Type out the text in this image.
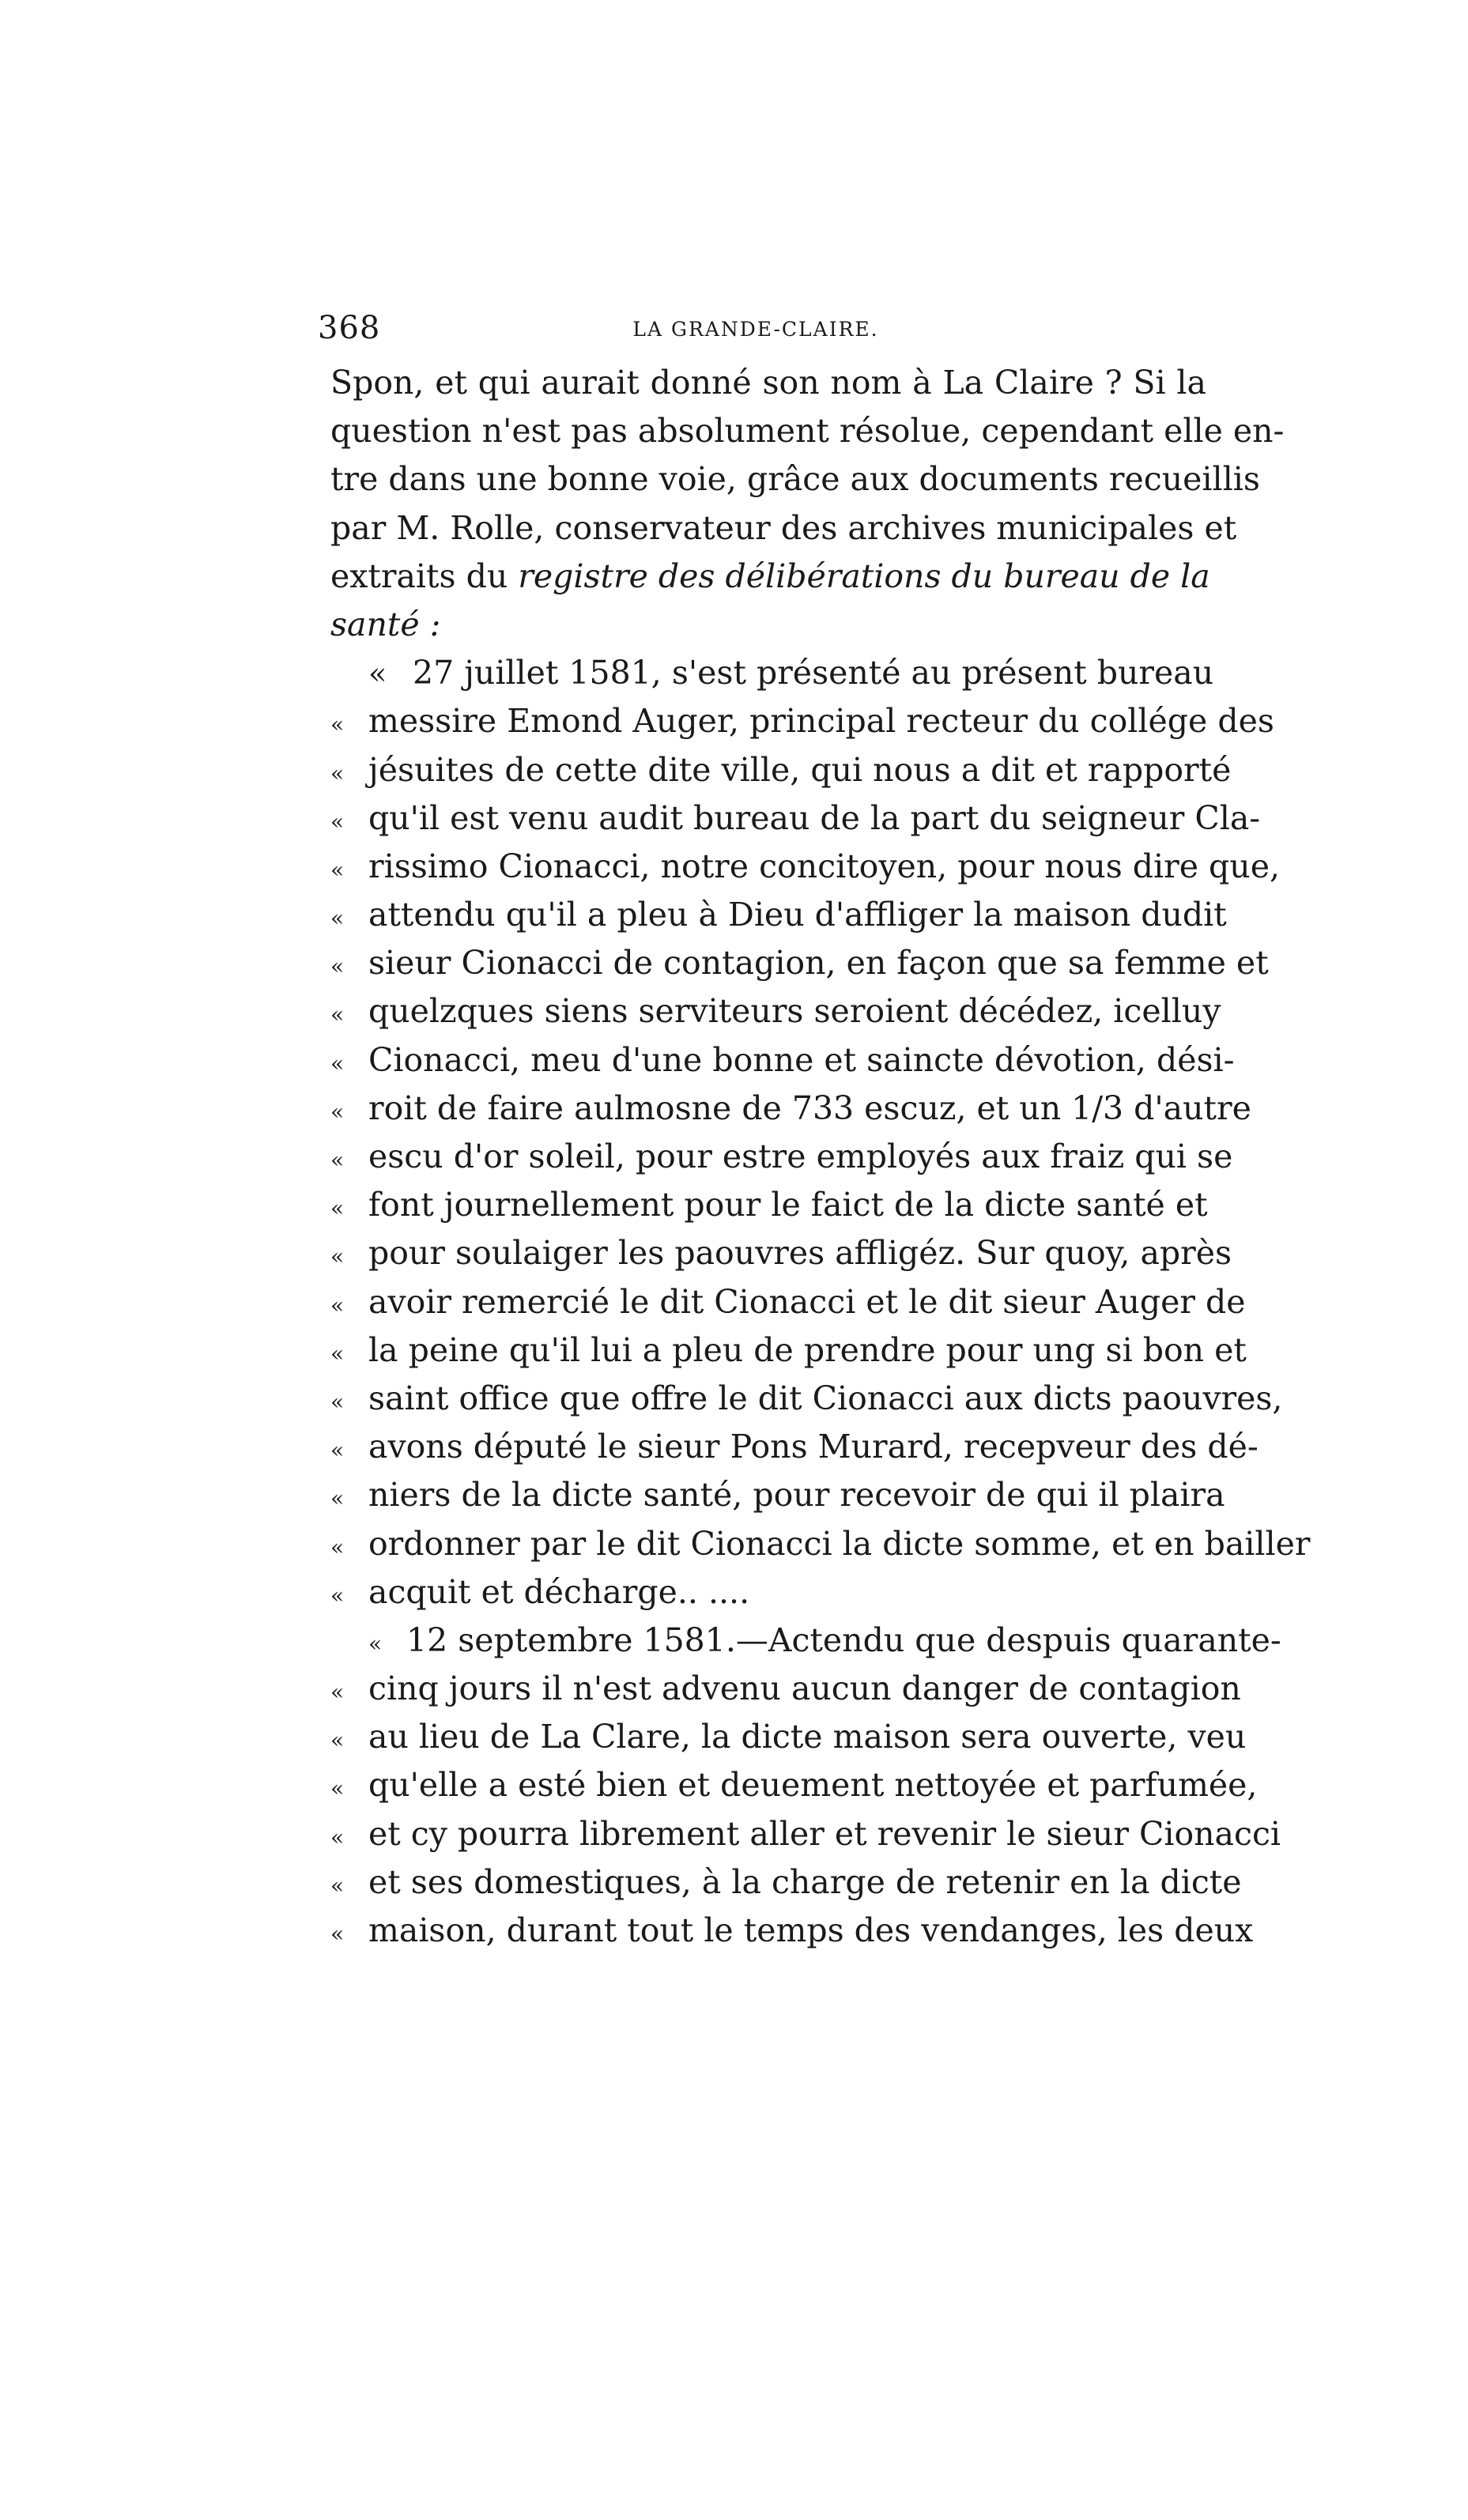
368	LA GRANDE-CLAIRE.
Spon, et qui aurait donné son nom à La Claire ? Si la
question n'est pas absolument résolue, cependant elle en-
tre dans une bonne voie, grâce aux documents recueillis
par M. Rolle, conservateur des archives municipales et
extraits du registre des délibérations du bureau de la
santé :
« 27 juillet 1581, s'est présenté au présent bureau
« messire Emond Auger, principal recteur du collége des
« jésuites de cette dite ville, qui nous a dit et rapporté
« qu'il est venu audit bureau de la part du seigneur Cla-
« rissimo Cionacci, notre concitoyen, pour nous dire que,
« attendu qu'il a pleu à Dieu d'affliger la maison dudit
« sieur Cionacci de contagion, en façon que sa femme et
« quelzques siens serviteurs seroient décédez, icelluy
« Cionacci, meu d'une bonne et saincte dévotion, dési-
« roit de faire aulmosne de 733 escuz, et un 1/3 d'autre
« escu d'or soleil, pour estre employés aux fraiz qui se
« font journellement pour le faict de la dicte santé et
« pour soulaiger les paouvres affligéz. Sur quoy, après
« avoir remercié le dit Cionacci et le dit sieur Auger de
« la peine qu'il lui a pleu de prendre pour ung si bon et
« saint office que offre le dit Cionacci aux dicts paouvres,
« avons député le sieur Pons Murard, recepveur des dé-
« niers de la dicte santé, pour recevoir de qui il plaira
« ordonner par le dit Cionacci la dicte somme, et en bailler
« acquit et décharge.. ....
« 12 septembre 1581.—Actendu que despuis quarante-
« cinq jours il n'est advenu aucun danger de contagion
« au lieu de La Clare, la dicte maison sera ouverte, veu
« qu'elle a esté bien et deuement nettoyée et parfumée,
« et cy pourra librement aller et revenir le sieur Cionacci
« et ses domestiques, à la charge de retenir en la dicte
« maison, durant tout le temps des vendanges, les deux
